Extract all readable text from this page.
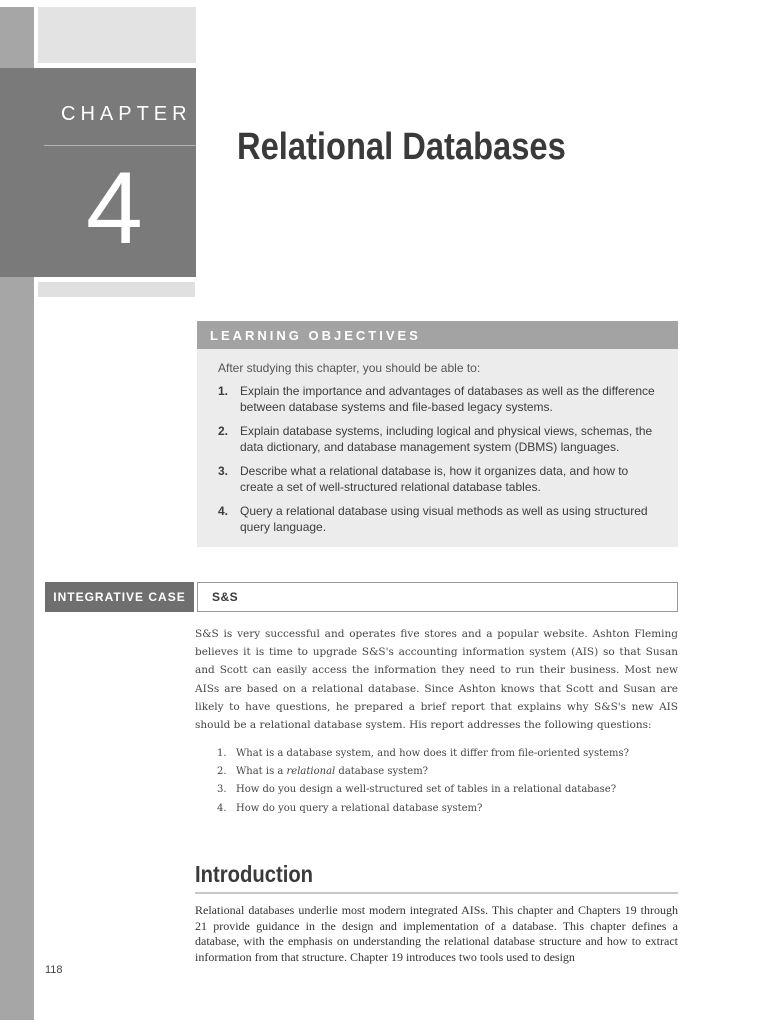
CHAPTER
4
Relational Databases
LEARNING OBJECTIVES

After studying this chapter, you should be able to:

1. Explain the importance and advantages of databases as well as the difference between database systems and file-based legacy systems.
2. Explain database systems, including logical and physical views, schemas, the data dictionary, and database management system (DBMS) languages.
3. Describe what a relational database is, how it organizes data, and how to create a set of well-structured relational database tables.
4. Query a relational database using visual methods as well as using structured query language.
INTEGRATIVE CASE	S&S

S&S is very successful and operates five stores and a popular website. Ashton Fleming believes it is time to upgrade S&S's accounting information system (AIS) so that Susan and Scott can easily access the information they need to run their business. Most new AISs are based on a relational database. Since Ashton knows that Scott and Susan are likely to have questions, he prepared a brief report that explains why S&S's new AIS should be a relational database system. His report addresses the following questions:

1. What is a database system, and how does it differ from file-oriented systems?
2. What is a relational database system?
3. How do you design a well-structured set of tables in a relational database?
4. How do you query a relational database system?
Introduction

Relational databases underlie most modern integrated AISs. This chapter and Chapters 19 through 21 provide guidance in the design and implementation of a database. This chapter defines a database, with the emphasis on understanding the relational database structure and how to extract information from that structure. Chapter 19 introduces two tools used to design

118
